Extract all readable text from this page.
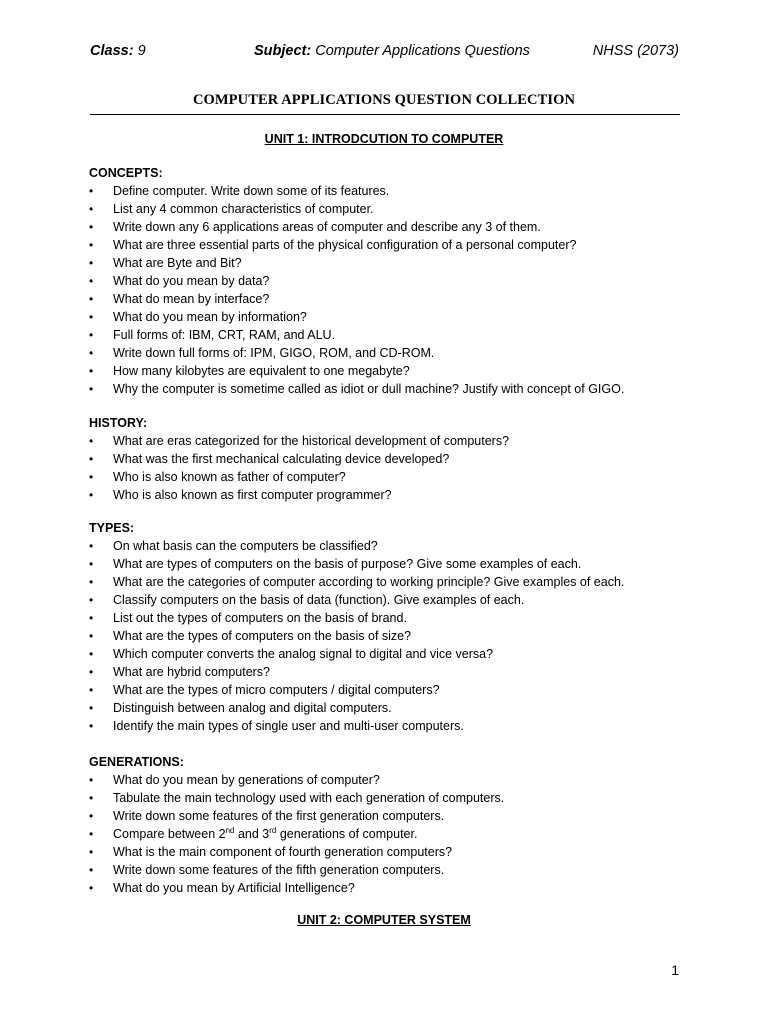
Class: 9	Subject: Computer Applications Questions	NHSS (2073)
COMPUTER APPLICATIONS QUESTION COLLECTION
UNIT 1: INTRODCUTION TO COMPUTER
CONCEPTS:
• Define computer. Write down some of its features.
• List any 4 common characteristics of computer.
• Write down any 6 applications areas of computer and describe any 3 of them.
• What are three essential parts of the physical configuration of a personal computer?
• What are Byte and Bit?
• What do you mean by data?
• What do mean by interface?
• What do you mean by information?
• Full forms of: IBM, CRT, RAM, and ALU.
• Write down full forms of: IPM, GIGO, ROM, and CD-ROM.
• How many kilobytes are equivalent to one megabyte?
• Why the computer is sometime called as idiot or dull machine? Justify with concept of GIGO.
HISTORY:
• What are eras categorized for the historical development of computers?
• What was the first mechanical calculating device developed?
• Who is also known as father of computer?
• Who is also known as first computer programmer?
TYPES:
• On what basis can the computers be classified?
• What are types of computers on the basis of purpose? Give some examples of each.
• What are the categories of computer according to working principle? Give examples of each.
• Classify computers on the basis of data (function). Give examples of each.
• List out the types of computers on the basis of brand.
• What are the types of computers on the basis of size?
• Which computer converts the analog signal to digital and vice versa?
• What are hybrid computers?
• What are the types of micro computers / digital computers?
• Distinguish between analog and digital computers.
• Identify the main types of single user and multi-user computers.
GENERATIONS:
• What do you mean by generations of computer?
• Tabulate the main technology used with each generation of computers.
• Write down some features of the first generation computers.
• Compare between 2nd and 3rd generations of computer.
• What is the main component of fourth generation computers?
• Write down some features of the fifth generation computers.
• What do you mean by Artificial Intelligence?
UNIT 2: COMPUTER SYSTEM
1
